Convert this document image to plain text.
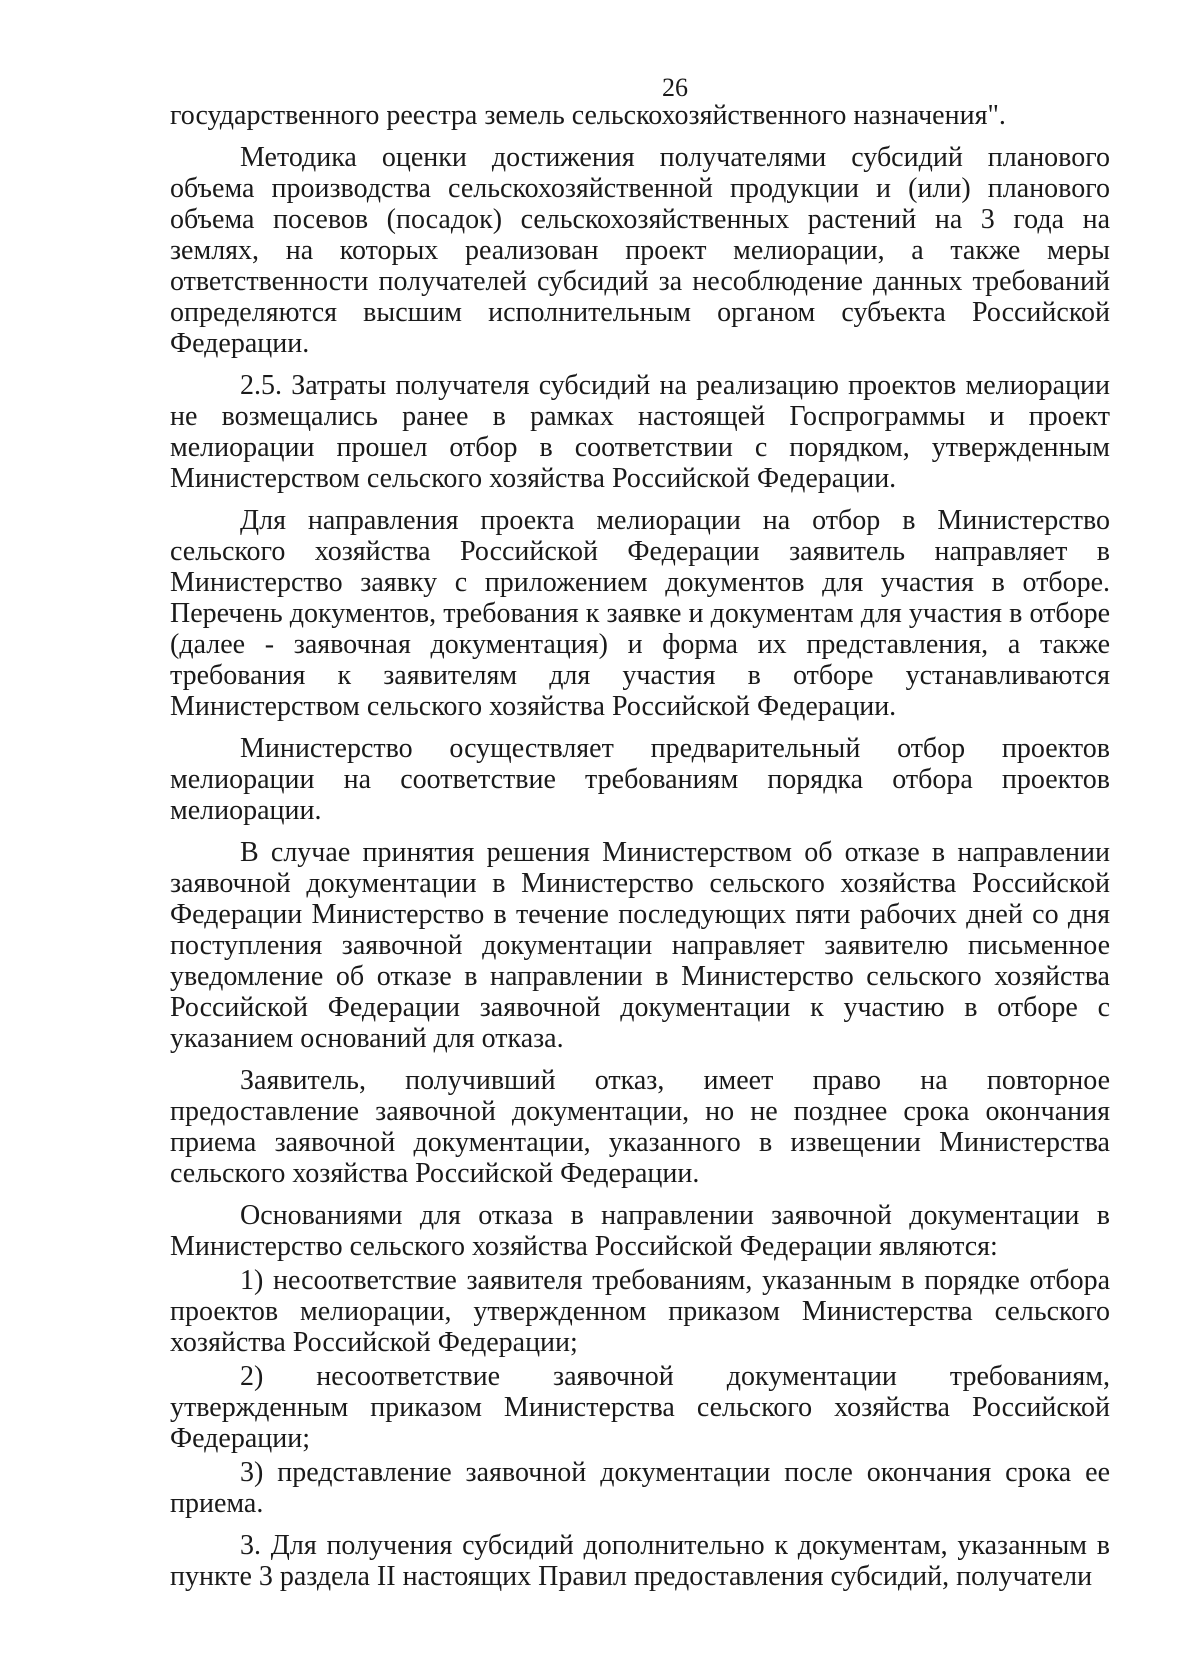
26

государственного реестра земель сельскохозяйственного назначения".

Методика оценки достижения получателями субсидий планового объема производства сельскохозяйственной продукции и (или) планового объема посевов (посадок) сельскохозяйственных растений на 3 года на землях, на которых реализован проект мелиорации, а также меры ответственности получателей субсидий за несоблюдение данных требований определяются высшим исполнительным органом субъекта Российской Федерации.

2.5. Затраты получателя субсидий на реализацию проектов мелиорации не возмещались ранее в рамках настоящей Госпрограммы и проект мелиорации прошел отбор в соответствии с порядком, утвержденным Министерством сельского хозяйства Российской Федерации.

Для направления проекта мелиорации на отбор в Министерство сельского хозяйства Российской Федерации заявитель направляет в Министерство заявку с приложением документов для участия в отборе. Перечень документов, требования к заявке и документам для участия в отборе (далее - заявочная документация) и форма их представления, а также требования к заявителям для участия в отборе устанавливаются Министерством сельского хозяйства Российской Федерации.

Министерство осуществляет предварительный отбор проектов мелиорации на соответствие требованиям порядка отбора проектов мелиорации.

В случае принятия решения Министерством об отказе в направлении заявочной документации в Министерство сельского хозяйства Российской Федерации Министерство в течение последующих пяти рабочих дней со дня поступления заявочной документации направляет заявителю письменное уведомление об отказе в направлении в Министерство сельского хозяйства Российской Федерации заявочной документации к участию в отборе с указанием оснований для отказа.

Заявитель, получивший отказ, имеет право на повторное предоставление заявочной документации, но не позднее срока окончания приема заявочной документации, указанного в извещении Министерства сельского хозяйства Российской Федерации.

Основаниями для отказа в направлении заявочной документации в Министерство сельского хозяйства Российской Федерации являются:

1) несоответствие заявителя требованиям, указанным в порядке отбора проектов мелиорации, утвержденном приказом Министерства сельского хозяйства Российской Федерации;

2) несоответствие заявочной документации требованиям, утвержденным приказом Министерства сельского хозяйства Российской Федерации;

3) представление заявочной документации после окончания срока ее приема.

3. Для получения субсидий дополнительно к документам, указанным в пункте 3 раздела II настоящих Правил предоставления субсидий, получатели
